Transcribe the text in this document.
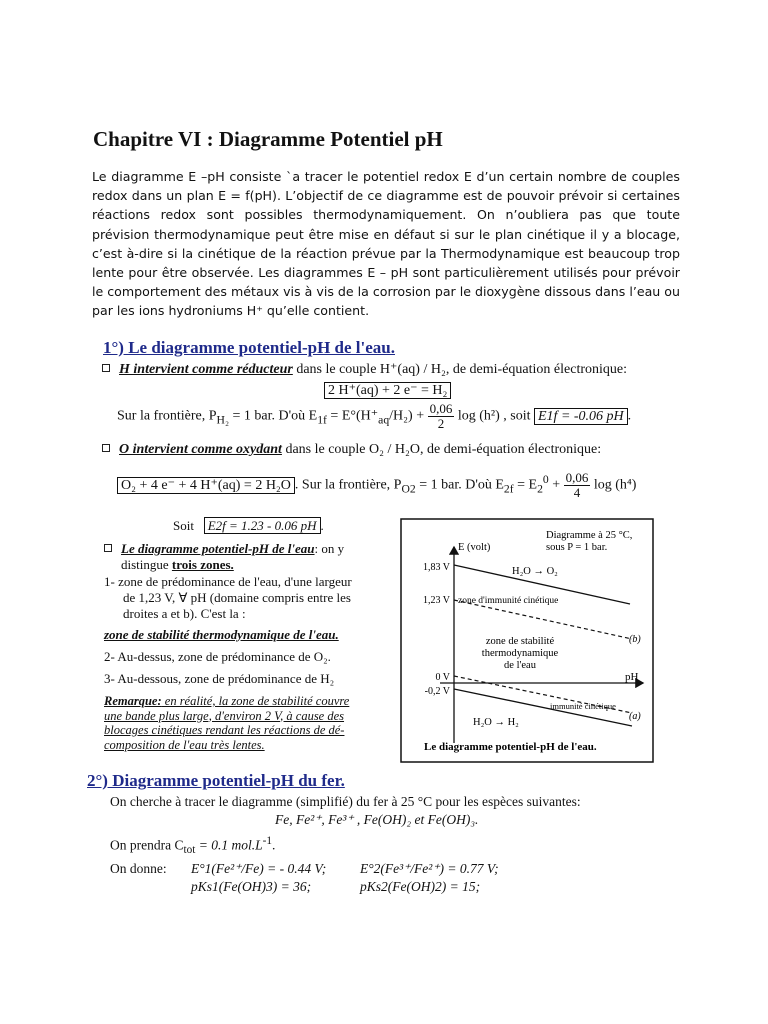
Chapitre VI : Diagramme Potentiel pH
Le diagramme E –pH consiste `a tracer le potentiel redox E d’un certain nombre de couples redox dans un plan E = f(pH). L’objectif de ce diagramme est de pouvoir prévoir si certaines réactions redox sont possibles thermodynamiquement. On n’oubliera pas que toute prévision thermodynamique peut être mise en défaut si sur le plan cinétique il y a blocage, c’est à-dire si la cinétique de la réaction prévue par la Thermodynamique est beaucoup trop lente pour être observée. Les diagrammes E – pH sont particulièrement utilisés pour prévoir le comportement des métaux vis à vis de la corrosion par le dioxygène dissous dans l’eau ou par les ions hydroniums H⁺ qu’elle contient.
1°) Le diagramme potentiel-pH de l'eau.
H intervient comme réducteur dans le couple H⁺(aq) / H₂, de demi-équation électronique:
2 H⁺(aq) + 2 e⁻ = H₂
Sur la frontière, $P_{H_2} = 1$ bar. D'où $E_{1f} = E^\circ(H^+_{aq}/H_2) + \frac{0,06}{2}$ log (h²) , soit E1f = -0.06 pH .
O intervient comme oxydant dans le couple O₂ / H₂O, de demi-équation électronique:
O₂ + 4 e⁻ + 4 H⁺(aq) = 2 H₂O . Sur la frontière, $P_{O2} = 1$ bar. D'où $E_{2f} = E_2^0 + \frac{0,06}{4}$ log (h⁴)
Soit E2f = 1.23 - 0.06 pH .
Le diagramme potentiel-pH de l'eau: on y
distingue trois zones.
1- zone de prédominance de l'eau, d'une largeur
de 1,23 V, ∀ pH (domaine compris entre les
droites a et b). C'est la :
zone de stabilité thermodynamique de l'eau.
2- Au-dessus, zone de prédominance de O₂.
3- Au-dessous, zone de prédominance de H₂
Remarque: en réalité, la zone de stabilité couvre
une bande plus large, d'environ 2 V, à cause des
blocages cinétiques rendant les réactions de dé-
composition de l'eau très lentes.
E (volt)
pH
Diagramme à 25 °C,
sous P = 1 bar.
1,83 V
1,23 V
0 V
-0,2 V
H₂O → O₂
zone d'immunité cinétique
zone de stabilité
thermodynamique
de l'eau
(b)
immunité cinétique
(a)
H₂O → H₂
Le diagramme potentiel-pH de l'eau.
2°) Diagramme potentiel-pH du fer.
On cherche à tracer le diagramme (simplifié) du fer à 25 °C pour les espèces suivantes:
Fe, Fe²⁺, Fe³⁺ , Fe(OH)₂ et Fe(OH)₃.
On prendra $C_{tot} = 0.1$ $mol.L^{-1}$.
On donne: E°1(Fe²⁺/Fe) = - 0.44 V; E°2(Fe³⁺/Fe²⁺) = 0.77 V;
pKs1(Fe(OH)3) = 36;	pKs2(Fe(OH)2) = 15;
